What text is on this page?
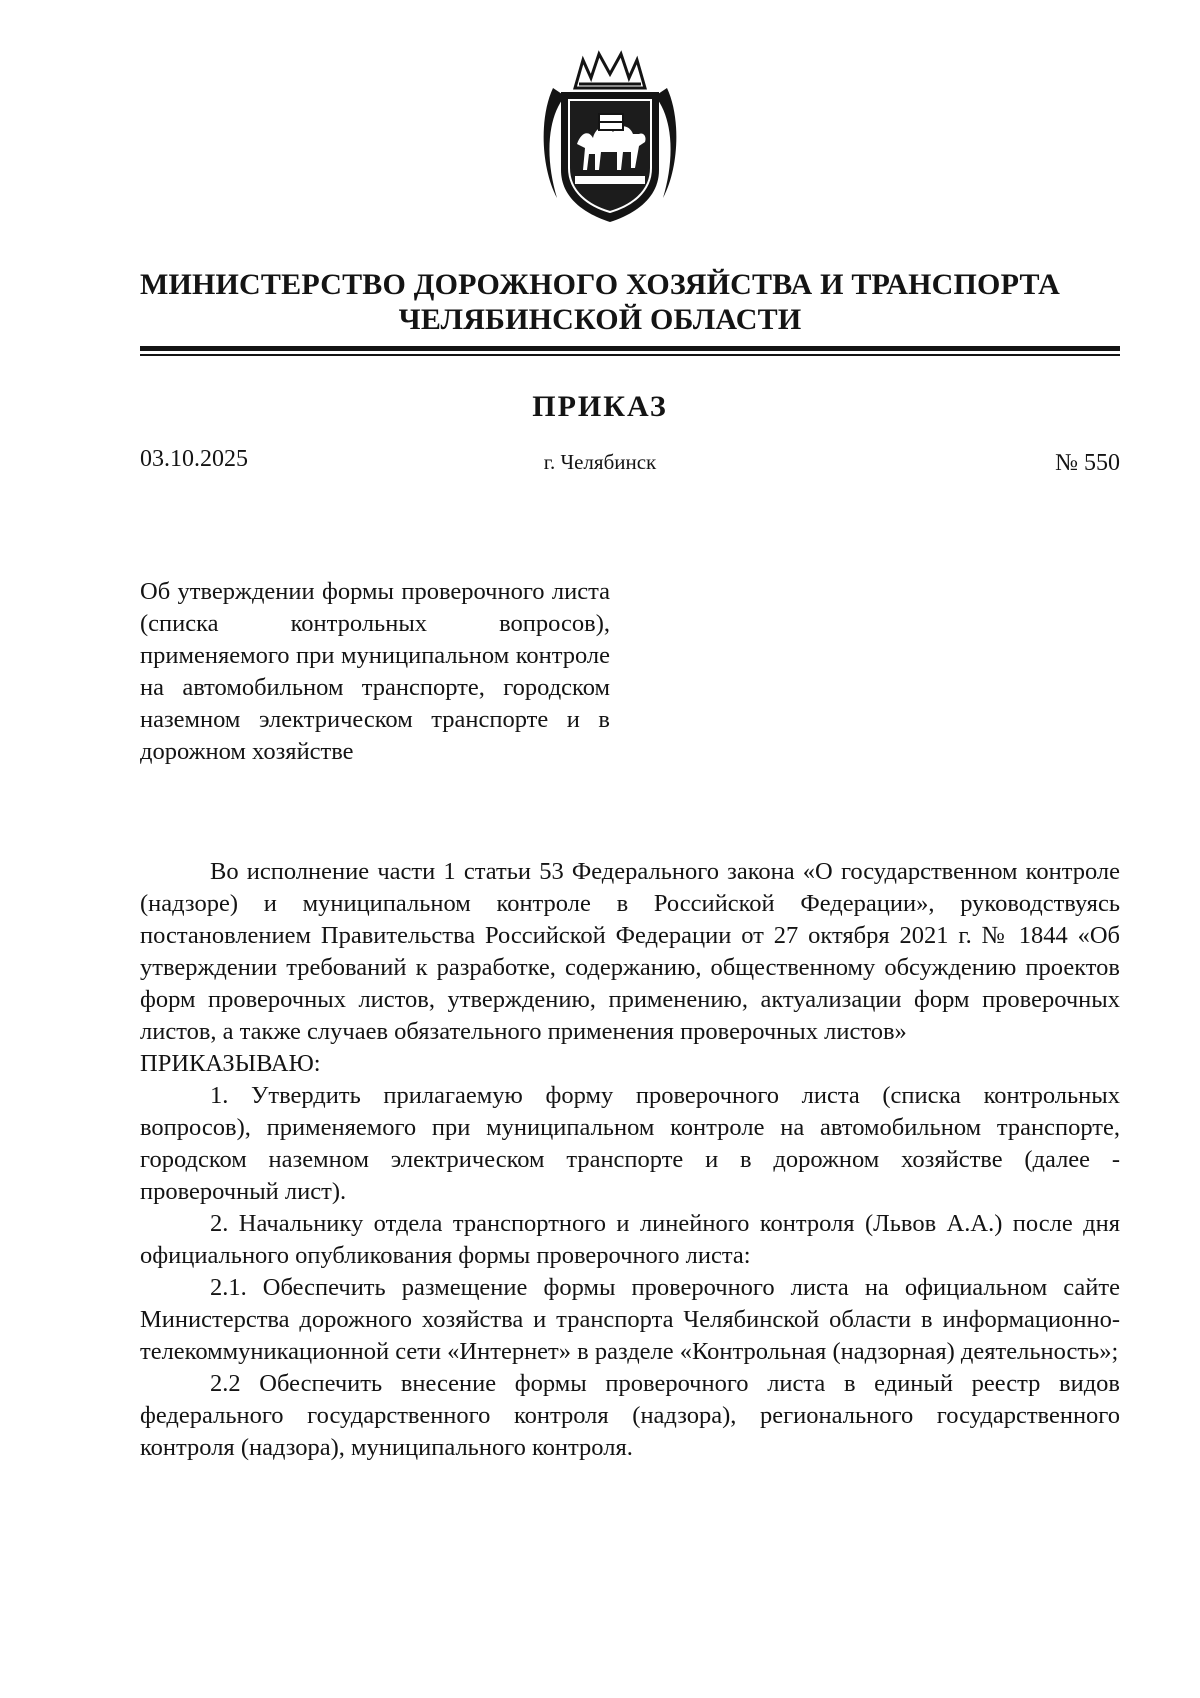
МИНИСТЕРСТВО ДОРОЖНОГО ХОЗЯЙСТВА И ТРАНСПОРТА
ЧЕЛЯБИНСКОЙ ОБЛАСТИ
ПРИКАЗ
03.10.2025	г. Челябинск	№ 550
Об утверждении формы проверочного листа (списка контрольных вопросов), применяемого при муниципальном контроле на автомобильном транспорте, городском наземном электрическом транспорте и в дорожном хозяйстве

Во исполнение части 1 статьи 53 Федерального закона «О государственном контроле (надзоре) и муниципальном контроле в Российской Федерации», руководствуясь постановлением Правительства Российской Федерации от 27 октября 2021 г. № 1844 «Об утверждении требований к разработке, содержанию, общественному обсуждению проектов форм проверочных листов, утверждению, применению, актуализации форм проверочных листов, а также случаев обязательного применения проверочных листов»

ПРИКАЗЫВАЮ:

1. Утвердить прилагаемую форму проверочного листа (списка контрольных вопросов), применяемого при муниципальном контроле на автомобильном транспорте, городском наземном электрическом транспорте и в дорожном хозяйстве (далее - проверочный лист).

2. Начальнику отдела транспортного и линейного контроля (Львов А.А.) после дня официального опубликования формы проверочного листа:

2.1. Обеспечить размещение формы проверочного листа на официальном сайте Министерства дорожного хозяйства и транспорта Челябинской области в информационно-телекоммуникационной сети «Интернет» в разделе «Контрольная (надзорная) деятельность»;

2.2 Обеспечить внесение формы проверочного листа в единый реестр видов федерального государственного контроля (надзора), регионального государственного контроля (надзора), муниципального контроля.
